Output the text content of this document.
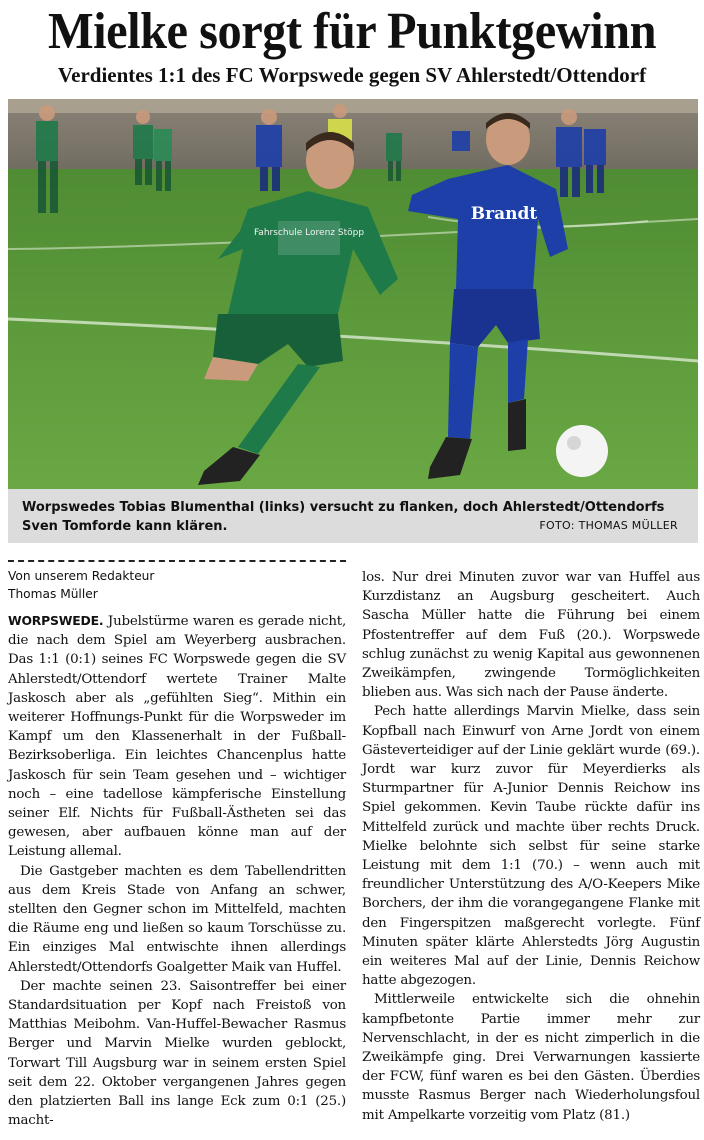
Mielke sorgt für Punktgewinn
Verdientes 1:1 des FC Worpswede gegen SV Ahlerstedt/Ottendorf
Fahrschule Lorenz Stöpp
Brandt
Worpswedes Tobias Blumenthal (links) versucht zu flanken, doch Ahlerstedt/Ottendorfs Sven Tomforde kann klären.	FOTO: THOMAS MÜLLER
Von unserem Redakteur
Thomas Müller

WORPSWEDE. Jubelstürme waren es gerade nicht, die nach dem Spiel am Weyerberg ausbrachen. Das 1:1 (0:1) seines FC Worpswede gegen die SV Ahlerstedt/Ottendorf wertete Trainer Malte Jaskosch aber als „gefühlten Sieg“. Mithin ein weiterer Hoffnungs-Punkt für die Worpsweder im Kampf um den Klassenerhalt in der Fußball-Bezirksoberliga. Ein leichtes Chancenplus hatte Jaskosch für sein Team gesehen und – wichtiger noch – eine tadellose kämpferische Einstellung seiner Elf. Nichts für Fußball-Ästheten sei das gewesen, aber aufbauen könne man auf der Leistung allemal.

Die Gastgeber machten es dem Tabellendritten aus dem Kreis Stade von Anfang an schwer, stellten den Gegner schon im Mittelfeld, machten die Räume eng und ließen so kaum Torschüsse zu. Ein einziges Mal entwischte ihnen allerdings Ahlerstedt/Ottendorfs Goalgetter Maik van Huffel.

Der machte seinen 23. Saisontreffer bei einer Standardsituation per Kopf nach Freistoß von Matthias Meibohm. Van-Huffel-Bewacher Rasmus Berger und Marvin Mielke wurden geblockt, Torwart Till Augsburg war in seinem ersten Spiel seit dem 22. Oktober vergangenen Jahres gegen den platzierten Ball ins lange Eck zum 0:1 (25.) macht-

los. Nur drei Minuten zuvor war van Huffel aus Kurzdistanz an Augsburg gescheitert. Auch Sascha Müller hatte die Führung bei einem Pfostentreffer auf dem Fuß (20.). Worpswede schlug zunächst zu wenig Kapital aus gewonnenen Zweikämpfen, zwingende Tormöglichkeiten blieben aus. Was sich nach der Pause änderte.

Pech hatte allerdings Marvin Mielke, dass sein Kopfball nach Einwurf von Arne Jordt von einem Gästeverteidiger auf der Linie geklärt wurde (69.). Jordt war kurz zuvor für Meyerdierks als Sturmpartner für A-Junior Dennis Reichow ins Spiel gekommen. Kevin Taube rückte dafür ins Mittelfeld zurück und machte über rechts Druck. Mielke belohnte sich selbst für seine starke Leistung mit dem 1:1 (70.) – wenn auch mit freundlicher Unterstützung des A/O-Keepers Mike Borchers, der ihm die vorangegangene Flanke mit den Fingerspitzen maßgerecht vorlegte. Fünf Minuten später klärte Ahlerstedts Jörg Augustin ein weiteres Mal auf der Linie, Dennis Reichow hatte abgezogen.

Mittlerweile entwickelte sich die ohnehin kampfbetonte Partie immer mehr zur Nervenschlacht, in der es nicht zimperlich in die Zweikämpfe ging. Drei Verwarnungen kassierte der FCW, fünf waren es bei den Gästen. Überdies musste Rasmus Berger nach Wiederholungsfoul mit Ampelkarte vorzeitig vom Platz (81.)
